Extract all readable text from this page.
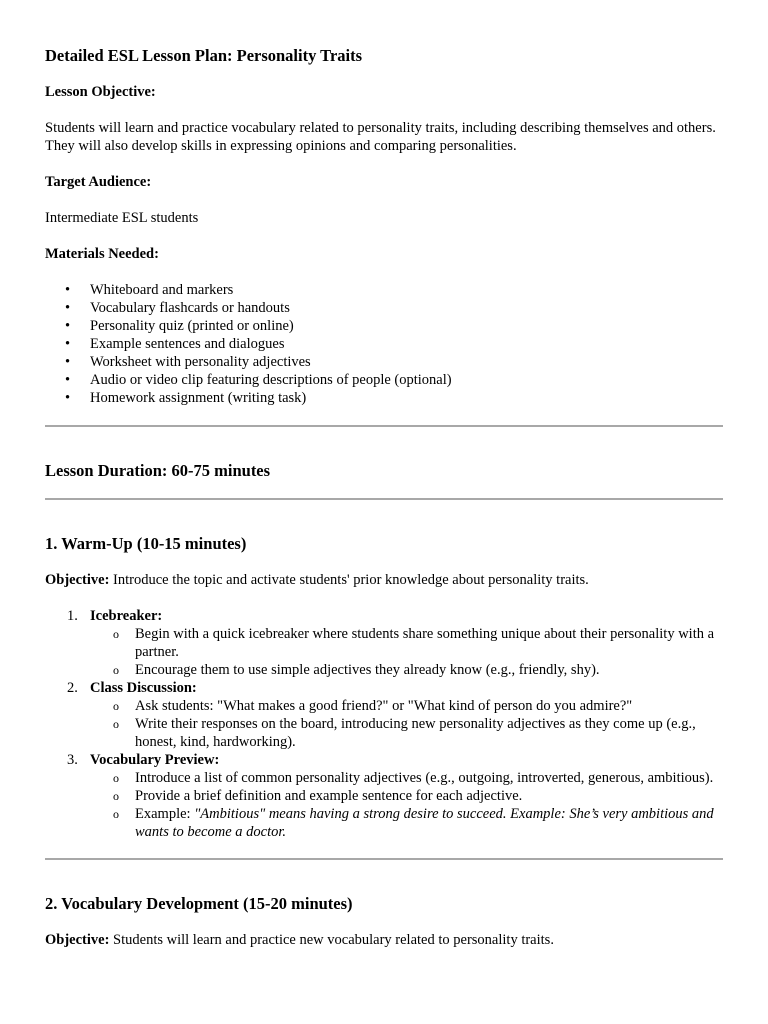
Detailed ESL Lesson Plan: Personality Traits

Lesson Objective:

Students will learn and practice vocabulary related to personality traits, including describing themselves and others. They will also develop skills in expressing opinions and comparing personalities.

Target Audience:

Intermediate ESL students

Materials Needed:

• Whiteboard and markers
• Vocabulary flashcards or handouts
• Personality quiz (printed or online)
• Example sentences and dialogues
• Worksheet with personality adjectives
• Audio or video clip featuring descriptions of people (optional)
• Homework assignment (writing task)
Lesson Duration: 60-75 minutes
1. Warm-Up (10-15 minutes)

Objective: Introduce the topic and activate students' prior knowledge about personality traits.

1. Icebreaker:
o Begin with a quick icebreaker where students share something unique about their personality with a partner.
o Encourage them to use simple adjectives they already know (e.g., friendly, shy).
2. Class Discussion:
o Ask students: "What makes a good friend?" or "What kind of person do you admire?"
o Write their responses on the board, introducing new personality adjectives as they come up (e.g., honest, kind, hardworking).
3. Vocabulary Preview:
o Introduce a list of common personality adjectives (e.g., outgoing, introverted, generous, ambitious).
o Provide a brief definition and example sentence for each adjective.
o Example: "Ambitious" means having a strong desire to succeed. Example: She’s very ambitious and wants to become a doctor.
2. Vocabulary Development (15-20 minutes)

Objective: Students will learn and practice new vocabulary related to personality traits.
